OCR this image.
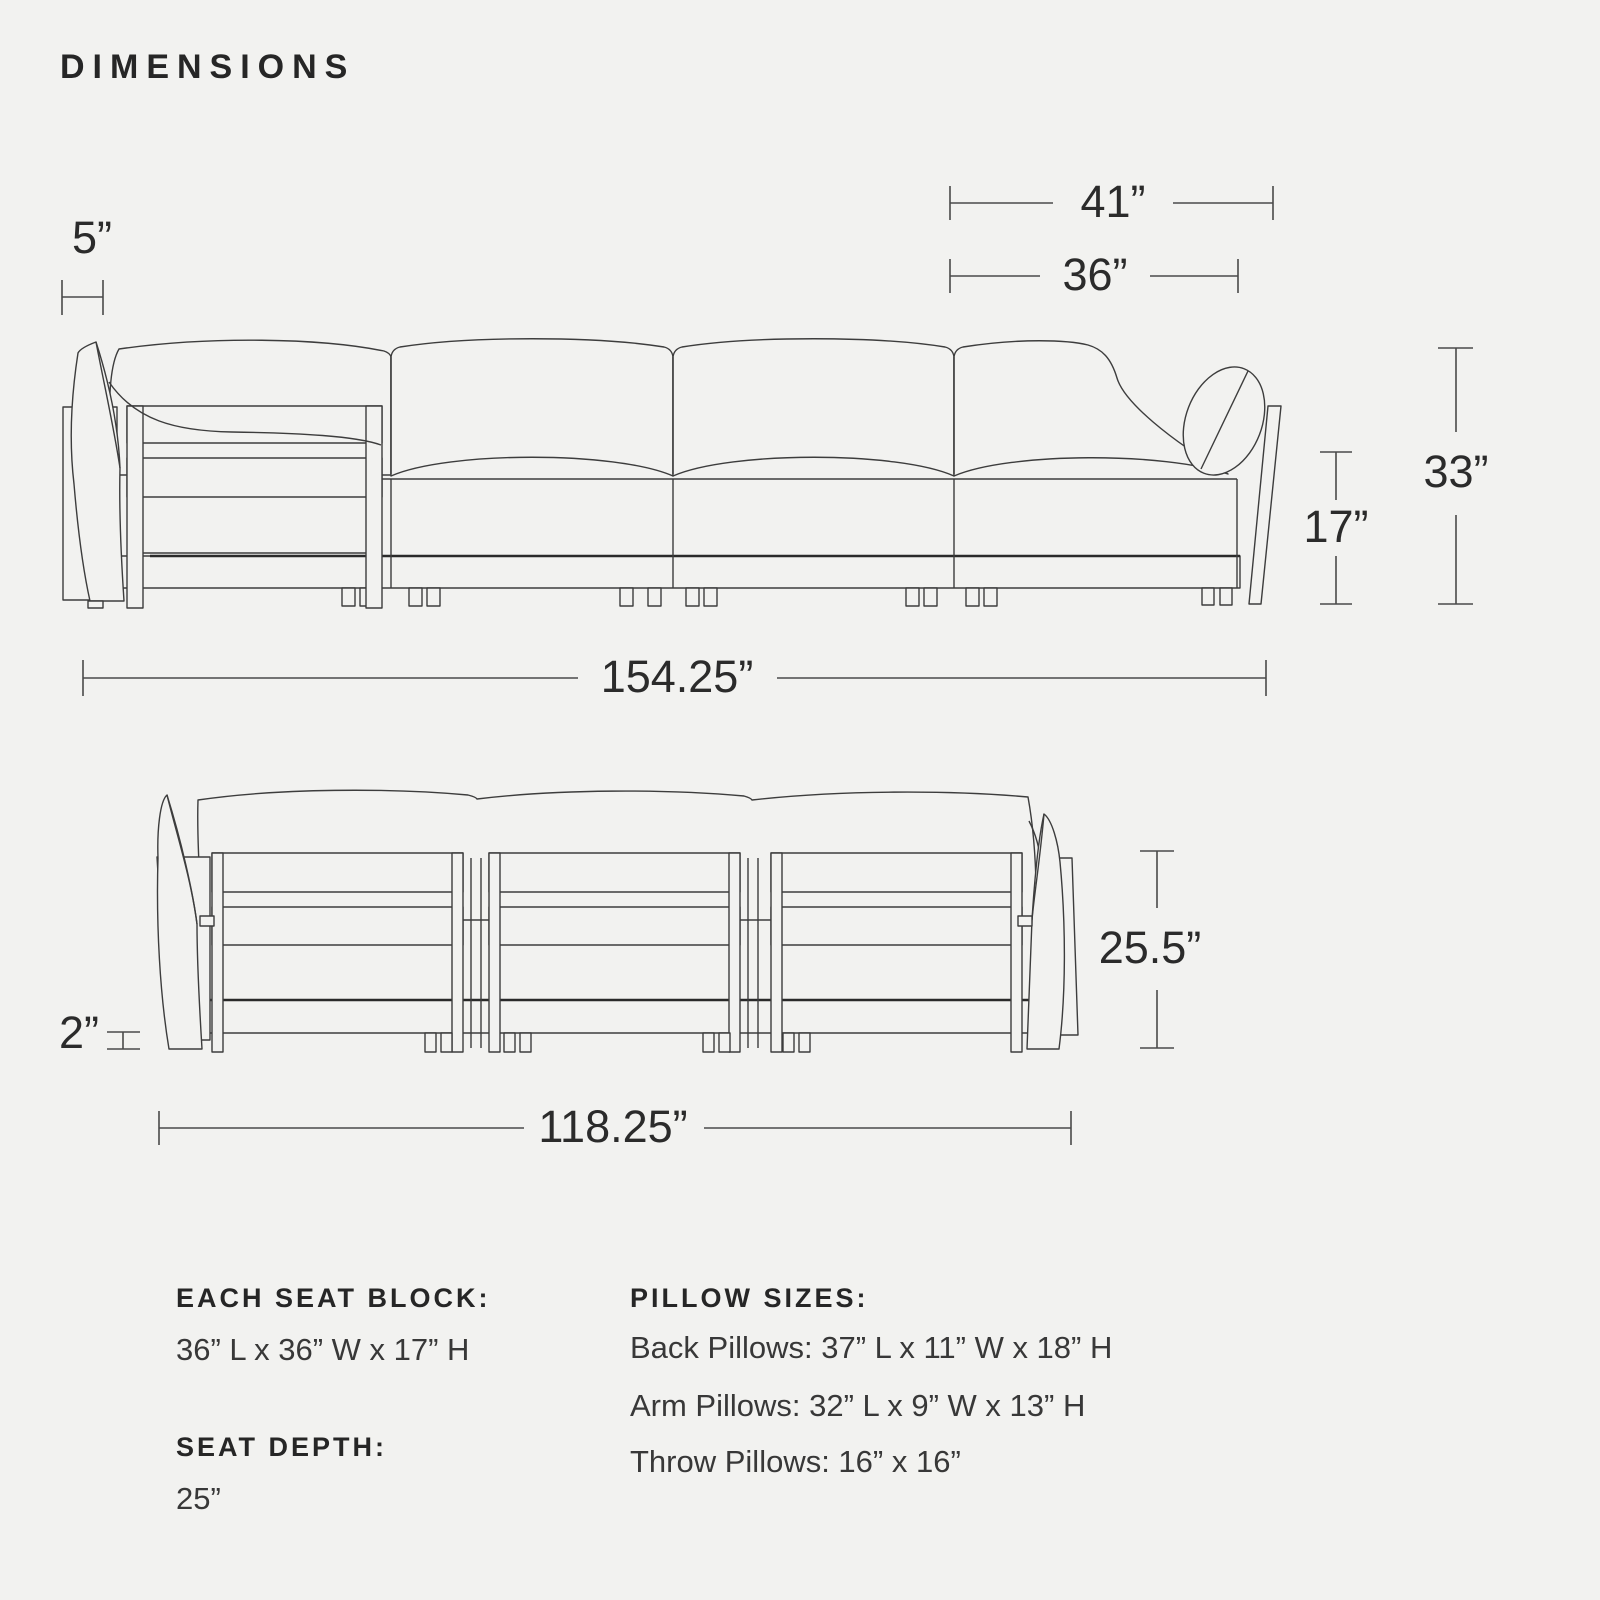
DIMENSIONS
41”
36”
5”
33”
17”
154.25”
25.5”
2”
118.25”
EACH SEAT BLOCK:
36” L x 36” W x 17” H
SEAT DEPTH:
25”
PILLOW SIZES:
Back Pillows: 37” L x 11” W x 18” H
Arm Pillows: 32” L x 9” W x 13” H
Throw Pillows: 16” x 16”
